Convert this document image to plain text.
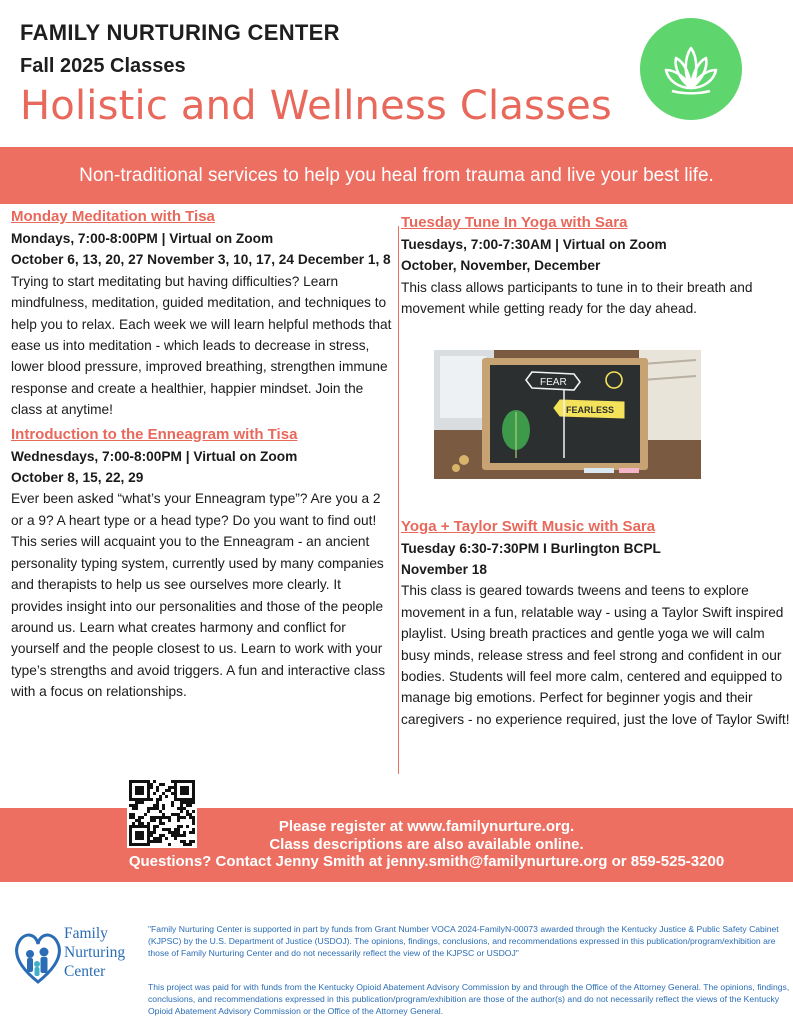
FAMILY NURTURING CENTER
Fall 2025 Classes
Holistic and Wellness Classes
Non-traditional services to help you heal from trauma and live your best life.
Monday Meditation with Tisa
Mondays, 7:00-8:00PM | Virtual on Zoom
October 6, 13, 20, 27 November 3, 10, 17, 24 December 1, 8

Trying to start meditating but having difficulties? Learn mindfulness, meditation, guided meditation, and techniques to help you to relax. Each week we will learn helpful methods that ease us into meditation - which leads to decrease in stress, lower blood pressure, improved breathing, strengthen immune response and create a healthier, happier mindset. Join the class at anytime!

Introduction to the Enneagram with Tisa
Wednesdays, 7:00-8:00PM | Virtual on Zoom
October 8, 15, 22, 29

Ever been asked “what’s your Enneagram type”? Are you a 2 or a 9? A heart type or a head type? Do you want to find out! This series will acquaint you to the Enneagram - an ancient personality typing system, currently used by many companies and therapists to help us see ourselves more clearly. It provides insight into our personalities and those of the people around us. Learn what creates harmony and conflict for yourself and the people closest to us. Learn to work with your type’s strengths and avoid triggers. A fun and interactive class with a focus on relationships.

Tuesday Tune In Yoga with Sara
Tuesdays, 7:00-7:30AM | Virtual on Zoom
October, November, December

This class allows participants to tune in to their breath and movement while getting ready for the day ahead.

Yoga + Taylor Swift Music with Sara
Tuesday 6:30-7:30PM I Burlington BCPL
November 18

This class is geared towards tweens and teens to explore movement in a fun, relatable way - using a Taylor Swift inspired playlist. Using breath practices and gentle yoga we will calm busy minds, release stress and feel strong and confident in our bodies. Students will feel more calm, centered and equipped to manage big emotions. Perfect for beginner yogis and their caregivers - no experience required, just the love of Taylor Swift!

FEAR
FEARLESS
Please register at www.familynurture.org.
Class descriptions are also available online.
Questions? Contact Jenny Smith at jenny.smith@familynurture.org or 859-525-3200
Family
Nurturing
Center
"Family Nurturing Center is supported in part by funds from Grant Number VOCA 2024-FamilyN-00073 awarded through the Kentucky Justice & Public Safety Cabinet (KJPSC) by the U.S. Department of Justice (USDOJ). The opinions, findings, conclusions, and recommendations expressed in this publication/program/exhibition are those of Family Nurturing Center and do not necessarily reflect the view of the KJPSC or USDOJ"
This project was paid for with funds from the Kentucky Opioid Abatement Advisory Commission by and through the Office of the Attorney General. The opinions, findings, conclusions, and recommendations expressed in this publication/program/exhibition are those of the author(s) and do not necessarily reflect the views of the Kentucky Opioid Abatement Advisory Commission or the Office of the Attorney General.
